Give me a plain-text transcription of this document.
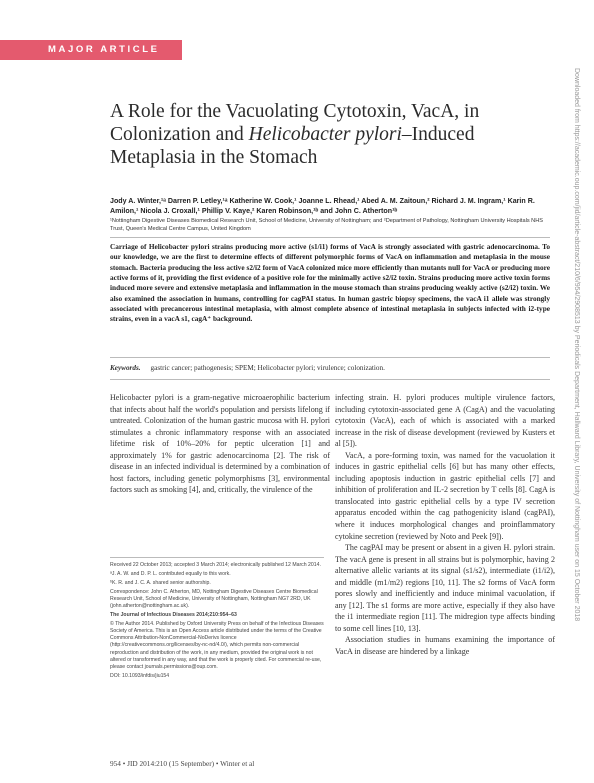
MAJOR ARTICLE
A Role for the Vacuolating Cytotoxin, VacA, in
Colonization and Helicobacter pylori–Induced
Metaplasia in the Stomach
Jody A. Winter,¹ᵃ Darren P. Letley,¹ᵃ Katherine W. Cook,¹ Joanne L. Rhead,¹ Abed A. M. Zaitoun,² Richard J. M. Ingram,¹ Karin R. Amilon,¹ Nicola J. Croxall,¹ Phillip V. Kaye,² Karen Robinson,¹ᵇ and John C. Atherton¹ᵇ
¹Nottingham Digestive Diseases Biomedical Research Unit, School of Medicine, University of Nottingham; and ²Department of Pathology, Nottingham University Hospitals NHS Trust, Queen's Medical Centre Campus, United Kingdom
Carriage of Helicobacter pylori strains producing more active (s1/i1) forms of VacA is strongly associated with gastric adenocarcinoma. To our knowledge, we are the first to determine effects of different polymorphic forms of VacA on inflammation and metaplasia in the mouse stomach. Bacteria producing the less active s2/i2 form of VacA colonized mice more efficiently than mutants null for VacA or producing more active forms of it, providing the first evidence of a positive role for the minimally active s2/i2 toxin. Strains producing more active toxin forms induced more severe and extensive metaplasia and inflammation in the mouse stomach than strains producing weakly active (s2/i2) toxin. We also examined the association in humans, controlling for cagPAI status. In human gastric biopsy specimens, the vacA i1 allele was strongly associated with precancerous intestinal metaplasia, with almost complete absence of intestinal metaplasia in subjects infected with i2-type strains, even in a vacA s1, cagA⁺ background.
Keywords. gastric cancer; pathogenesis; SPEM; Helicobacter pylori; virulence; colonization.

Helicobacter pylori is a gram-negative microaerophilic bacterium that infects about half the world's population and persists lifelong if untreated. Colonization of the human gastric mucosa with H. pylori stimulates a chronic inflammatory response with an associated lifetime risk of 10%–20% for peptic ulceration [1] and approximately 1% for gastric adenocarcinoma [2]. The risk of disease in an infected individual is determined by a combination of host factors, including genetic polymorphisms [3], environmental factors such as smoking [4], and, critically, the virulence of the

Received 22 October 2013; accepted 3 March 2014; electronically published 12 March 2014.

ᵃJ. A. W. and D. P. L. contributed equally to this work.

ᵇK. R. and J. C. A. shared senior authorship.

Correspondence: John C. Atherton, MD, Nottingham Digestive Diseases Centre Biomedical Research Unit, School of Medicine, University of Nottingham, Nottingham NG7 2RD, UK (john.atherton@nottingham.ac.uk).

The Journal of Infectious Diseases 2014;210:954–63

© The Author 2014. Published by Oxford University Press on behalf of the Infectious Diseases Society of America. This is an Open Access article distributed under the terms of the Creative Commons Attribution-NonCommercial-NoDerivs licence (http://creativecommons.org/licenses/by-nc-nd/4.0/), which permits non-commercial reproduction and distribution of the work, in any medium, provided the original work is not altered or transformed in any way, and that the work is properly cited. For commercial re-use, please contact journals.permissions@oup.com.

DOI: 10.1093/infdis/jiu154

infecting strain. H. pylori produces multiple virulence factors, including cytotoxin-associated gene A (CagA) and the vacuolating cytotoxin (VacA), each of which is associated with a marked increase in the risk of disease development (reviewed by Kusters et al [5]).

VacA, a pore-forming toxin, was named for the vacuolation it induces in gastric epithelial cells [6] but has many other effects, including apoptosis induction in gastric epithelial cells [7] and inhibition of proliferation and IL-2 secretion by T cells [8]. CagA is translocated into gastric epithelial cells by a type IV secretion apparatus encoded within the cag pathogenicity island (cagPAI), where it induces morphological changes and proinflammatory cytokine secretion (reviewed by Noto and Peek [9]).

The cagPAI may be present or absent in a given H. pylori strain. The vacA gene is present in all strains but is polymorphic, having 2 alternative allelic variants at its signal (s1/s2), intermediate (i1/i2), and middle (m1/m2) regions [10, 11]. The s2 forms of VacA form pores slowly and inefficiently and induce minimal vacuolation, if any [12]. The s1 forms are more active, especially if they also have the i1 intermediate region [11]. The midregion type affects binding to some cell lines [10, 13].

Association studies in humans examining the importance of VacA in disease are hindered by a linkage

954 • JID 2014:210 (15 September) • Winter et al
Downloaded from https://academic.oup.com/jid/article-abstract/210/6/954/2908513 by Periodicals Department, Hallward Library, University of Nottingham user on 15 October 2018
